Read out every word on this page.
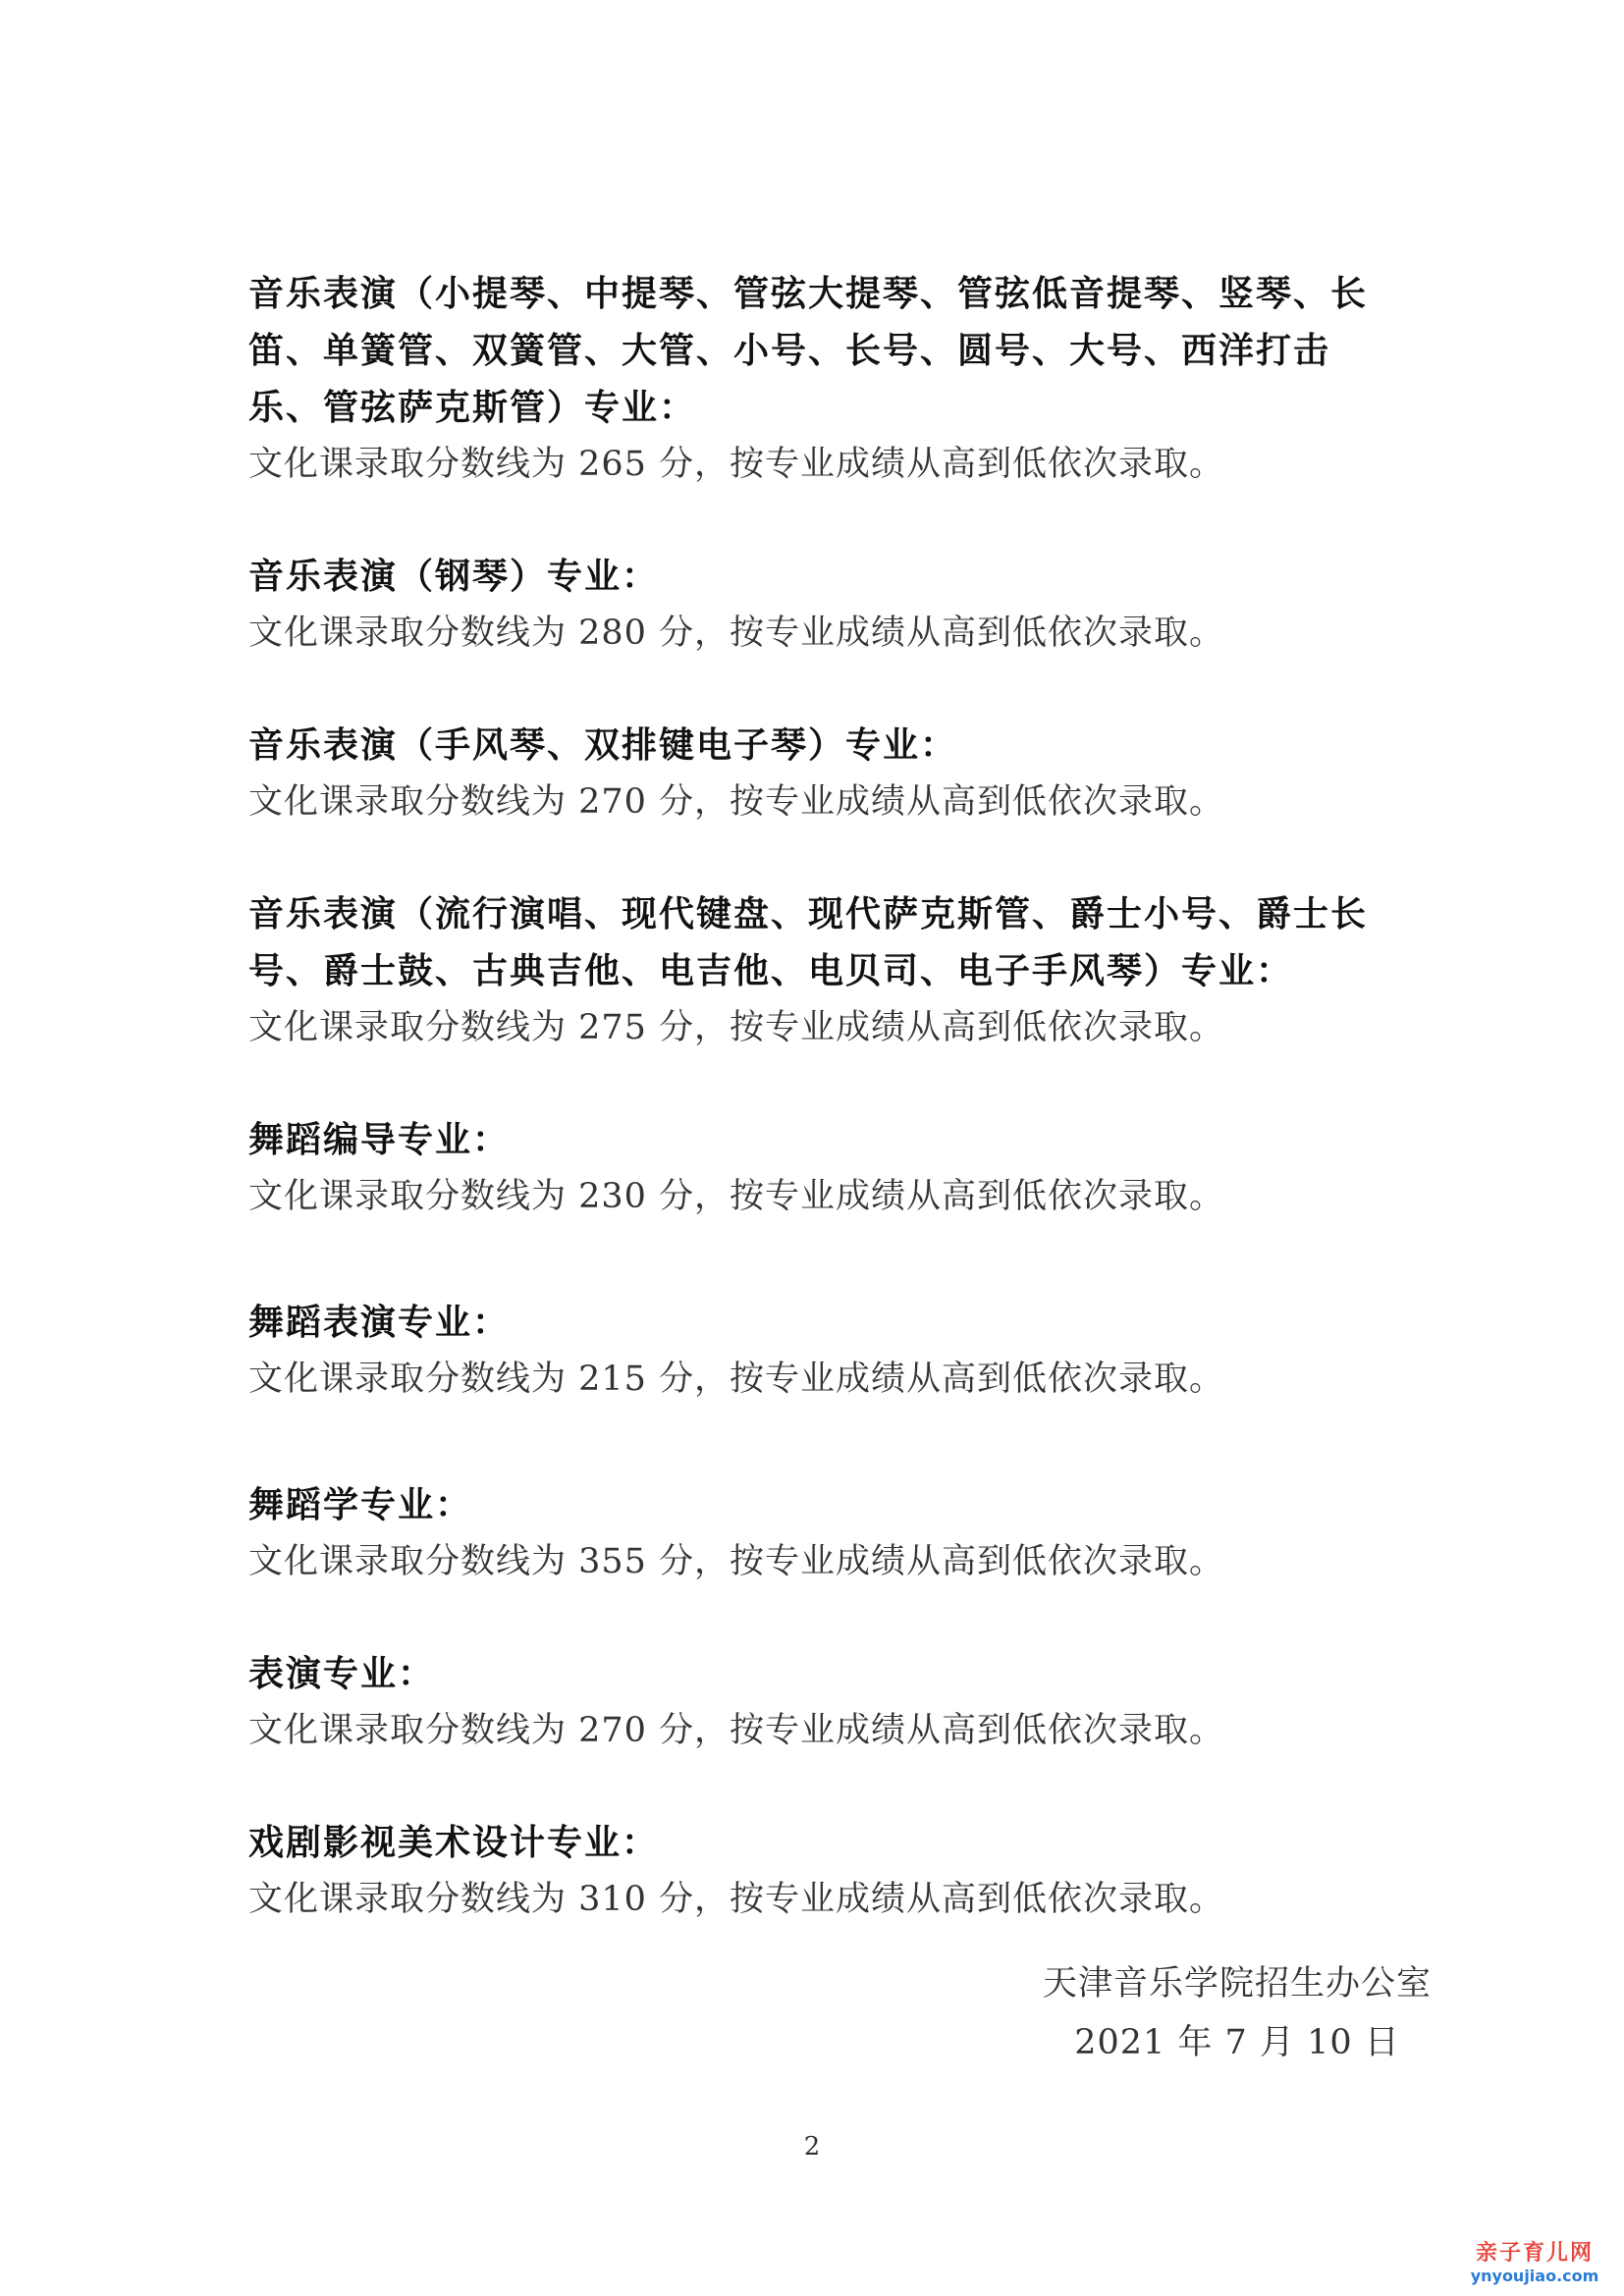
音乐表演（小提琴、中提琴、管弦大提琴、管弦低音提琴、竖琴、长笛、单簧管、双簧管、大管、小号、长号、圆号、大号、西洋打击乐、管弦萨克斯管）专业：

文化课录取分数线为 265 分，按专业成绩从高到低依次录取。

音乐表演（钢琴）专业：

文化课录取分数线为 280 分，按专业成绩从高到低依次录取。

音乐表演（手风琴、双排键电子琴）专业：

文化课录取分数线为 270 分，按专业成绩从高到低依次录取。

音乐表演（流行演唱、现代键盘、现代萨克斯管、爵士小号、爵士长号、爵士鼓、古典吉他、电吉他、电贝司、电子手风琴）专业：

文化课录取分数线为 275 分，按专业成绩从高到低依次录取。

舞蹈编导专业：

文化课录取分数线为 230 分，按专业成绩从高到低依次录取。

舞蹈表演专业：

文化课录取分数线为 215 分，按专业成绩从高到低依次录取。

舞蹈学专业：

文化课录取分数线为 355 分，按专业成绩从高到低依次录取。

表演专业：

文化课录取分数线为 270 分，按专业成绩从高到低依次录取。

戏剧影视美术设计专业：

文化课录取分数线为 310 分，按专业成绩从高到低依次录取。

天津音乐学院招生办公室

2021 年 7 月 10 日

2
亲子育儿网
ynyoujiao.com
